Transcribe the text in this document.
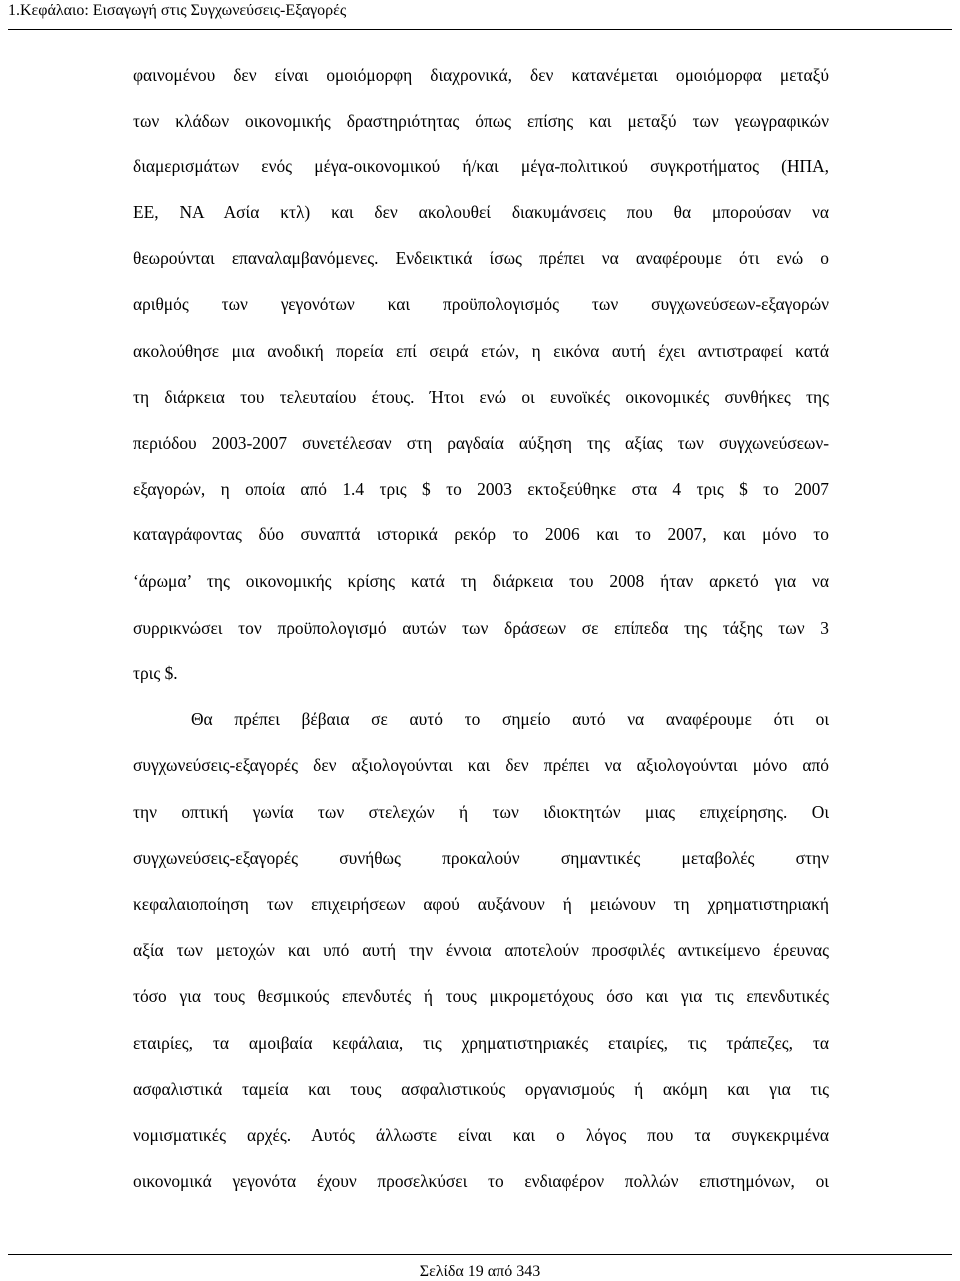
1.Κεφάλαιο: Εισαγωγή στις Συγχωνεύσεις-Εξαγορές
φαινομένου δεν είναι ομοιόμορφη διαχρονικά, δεν κατανέμεται ομοιόμορφα μεταξύ
των κλάδων οικονομικής δραστηριότητας όπως επίσης και μεταξύ των γεωγραφικών
διαμερισμάτων ενός μέγα-οικονομικού ή/και μέγα-πολιτικού συγκροτήματος (ΗΠΑ,
ΕΕ, ΝΑ Ασία κτλ) και δεν ακολουθεί διακυμάνσεις που θα μπορούσαν να
θεωρούνται επαναλαμβανόμενες. Ενδεικτικά ίσως πρέπει να αναφέρουμε ότι ενώ ο
αριθμός των γεγονότων και προϋπολογισμός των συγχωνεύσεων-εξαγορών
ακολούθησε μια ανοδική πορεία επί σειρά ετών, η εικόνα αυτή έχει αντιστραφεί κατά
τη διάρκεια του τελευταίου έτους. Ήτοι ενώ οι ευνοϊκές οικονομικές συνθήκες της
περιόδου 2003-2007 συνετέλεσαν στη ραγδαία αύξηση της αξίας των συγχωνεύσεων-
εξαγορών, η οποία από 1.4 τρις $ το 2003 εκτοξεύθηκε στα 4 τρις $ το 2007
καταγράφοντας δύο συναπτά ιστορικά ρεκόρ το 2006 και το 2007, και μόνο το
‘άρωμα’ της οικονομικής κρίσης κατά τη διάρκεια του 2008 ήταν αρκετό για να
συρρικνώσει τον προϋπολογισμό αυτών των δράσεων σε επίπεδα της τάξης των 3
τρις $.
Θα πρέπει βέβαια σε αυτό το σημείο αυτό να αναφέρουμε ότι οι
συγχωνεύσεις-εξαγορές δεν αξιολογούνται και δεν πρέπει να αξιολογούνται μόνο από
την οπτική γωνία των στελεχών ή των ιδιοκτητών μιας επιχείρησης. Οι
συγχωνεύσεις-εξαγορές συνήθως προκαλούν σημαντικές μεταβολές στην
κεφαλαιοποίηση των επιχειρήσεων αφού αυξάνουν ή μειώνουν τη χρηματιστηριακή
αξία των μετοχών και υπό αυτή την έννοια αποτελούν προσφιλές αντικείμενο έρευνας
τόσο για τους θεσμικούς επενδυτές ή τους μικρομετόχους όσο και για τις επενδυτικές
εταιρίες, τα αμοιβαία κεφάλαια, τις χρηματιστηριακές εταιρίες, τις τράπεζες, τα
ασφαλιστικά ταμεία και τους ασφαλιστικούς οργανισμούς ή ακόμη και για τις
νομισματικές αρχές. Αυτός άλλωστε είναι και ο λόγος που τα συγκεκριμένα
οικονομικά γεγονότα έχουν προσελκύσει το ενδιαφέρον πολλών επιστημόνων, οι
Σελίδα 19 από 343
